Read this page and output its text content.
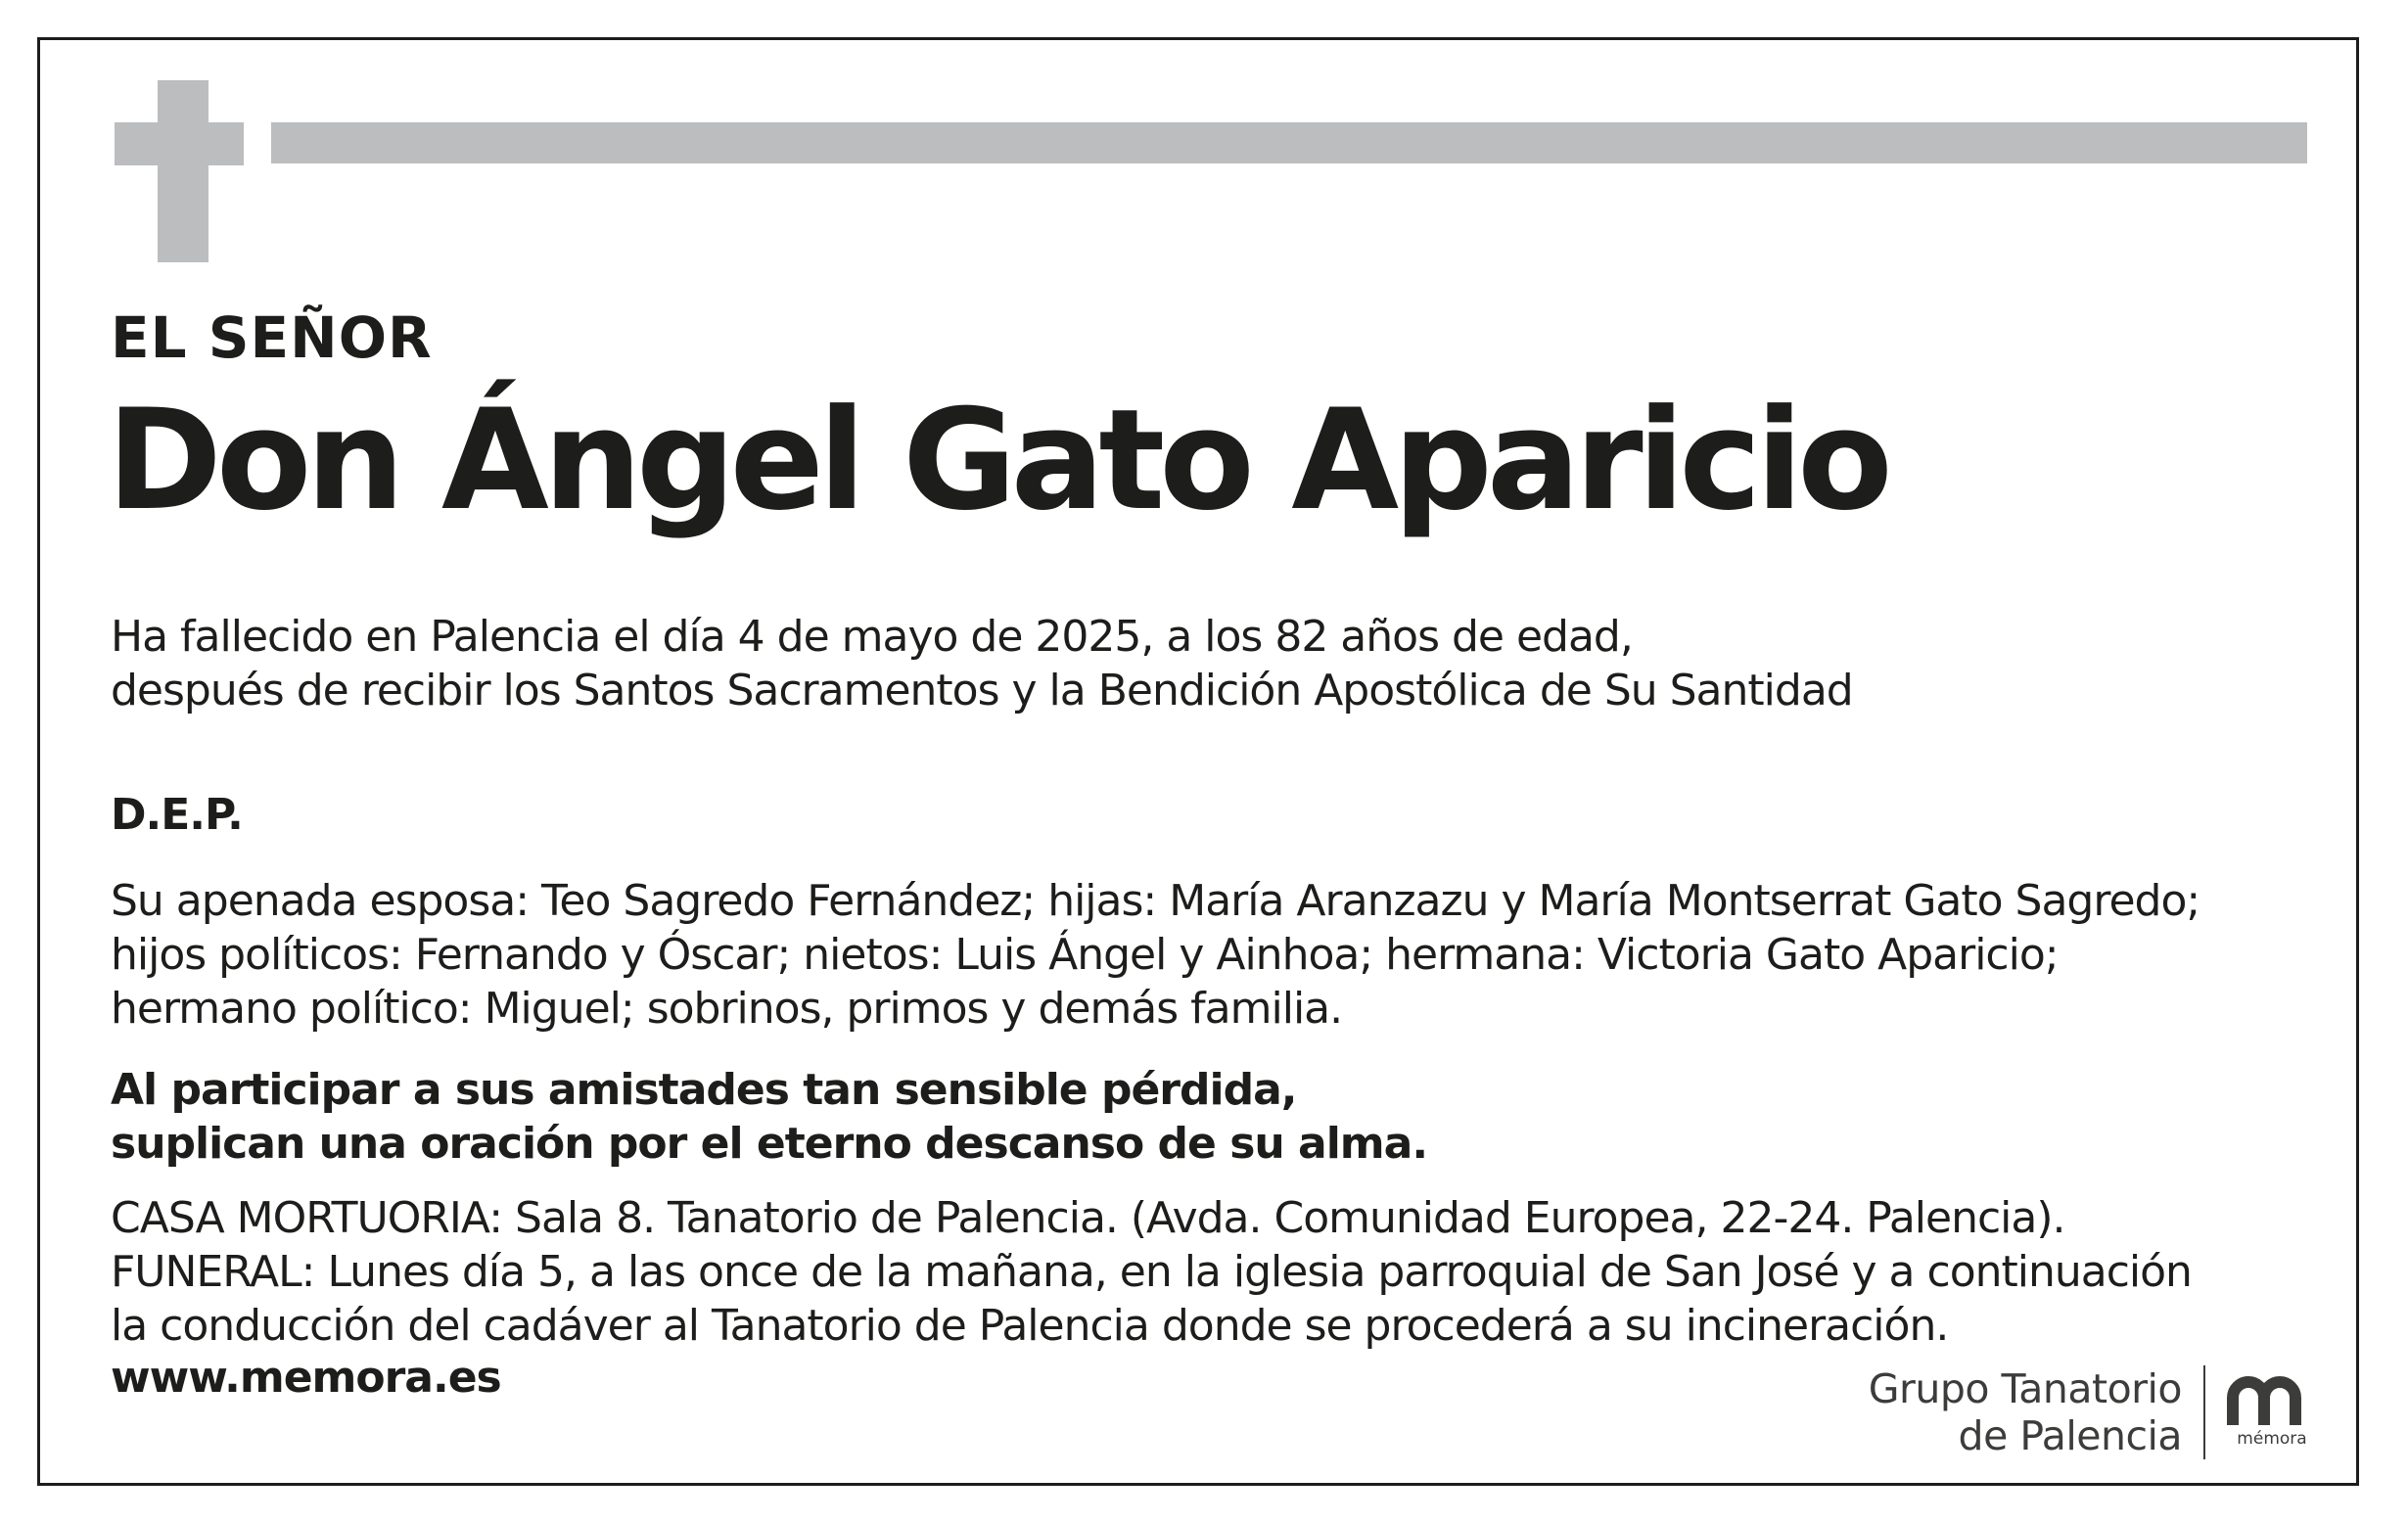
EL SEÑOR
Don Ángel Gato Aparicio
Ha fallecido en Palencia el día 4 de mayo de 2025, a los 82 años de edad,
después de recibir los Santos Sacramentos y la Bendición Apostólica de Su Santidad
D.E.P.
Su apenada esposa: Teo Sagredo Fernández; hijas: María Aranzazu y María Montserrat Gato Sagredo;
hijos políticos: Fernando y Óscar; nietos: Luis Ángel y Ainhoa; hermana: Victoria Gato Aparicio;
hermano político: Miguel; sobrinos, primos y demás familia.
Al participar a sus amistades tan sensible pérdida,
suplican una oración por el eterno descanso de su alma.
CASA MORTUORIA: Sala 8. Tanatorio de Palencia. (Avda. Comunidad Europea, 22-24. Palencia).
FUNERAL: Lunes día 5, a las once de la mañana, en la iglesia parroquial de San José y a continuación
la conducción del cadáver al Tanatorio de Palencia donde se procederá a su incineración.
www.memora.es	Grupo Tanatorio
de Palencia	mémora
